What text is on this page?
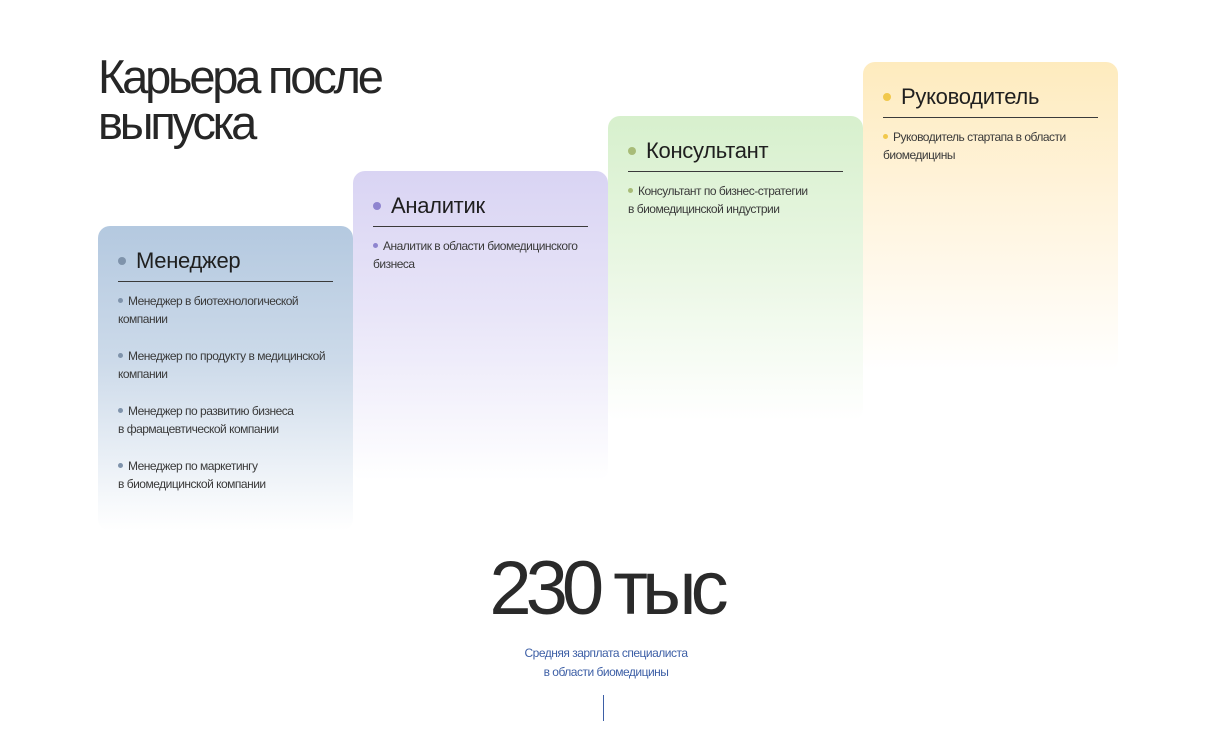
Карьера после
выпуска
Менеджер
Менеджер в биотехнологической
компании
Менеджер по продукту в медицинской
компании
Менеджер по развитию бизнеса
в фармацевтической компании
Менеджер по маркетингу
в биомедицинской компании
Аналитик
Аналитик в области биомедицинского
бизнеса
Консультант
Консультант по бизнес-стратегии
в биомедицинской индустрии
Руководитель
Руководитель стартапа в области
биомедицины
230 тыс
Средняя зарплата специалиста
в области биомедицины
